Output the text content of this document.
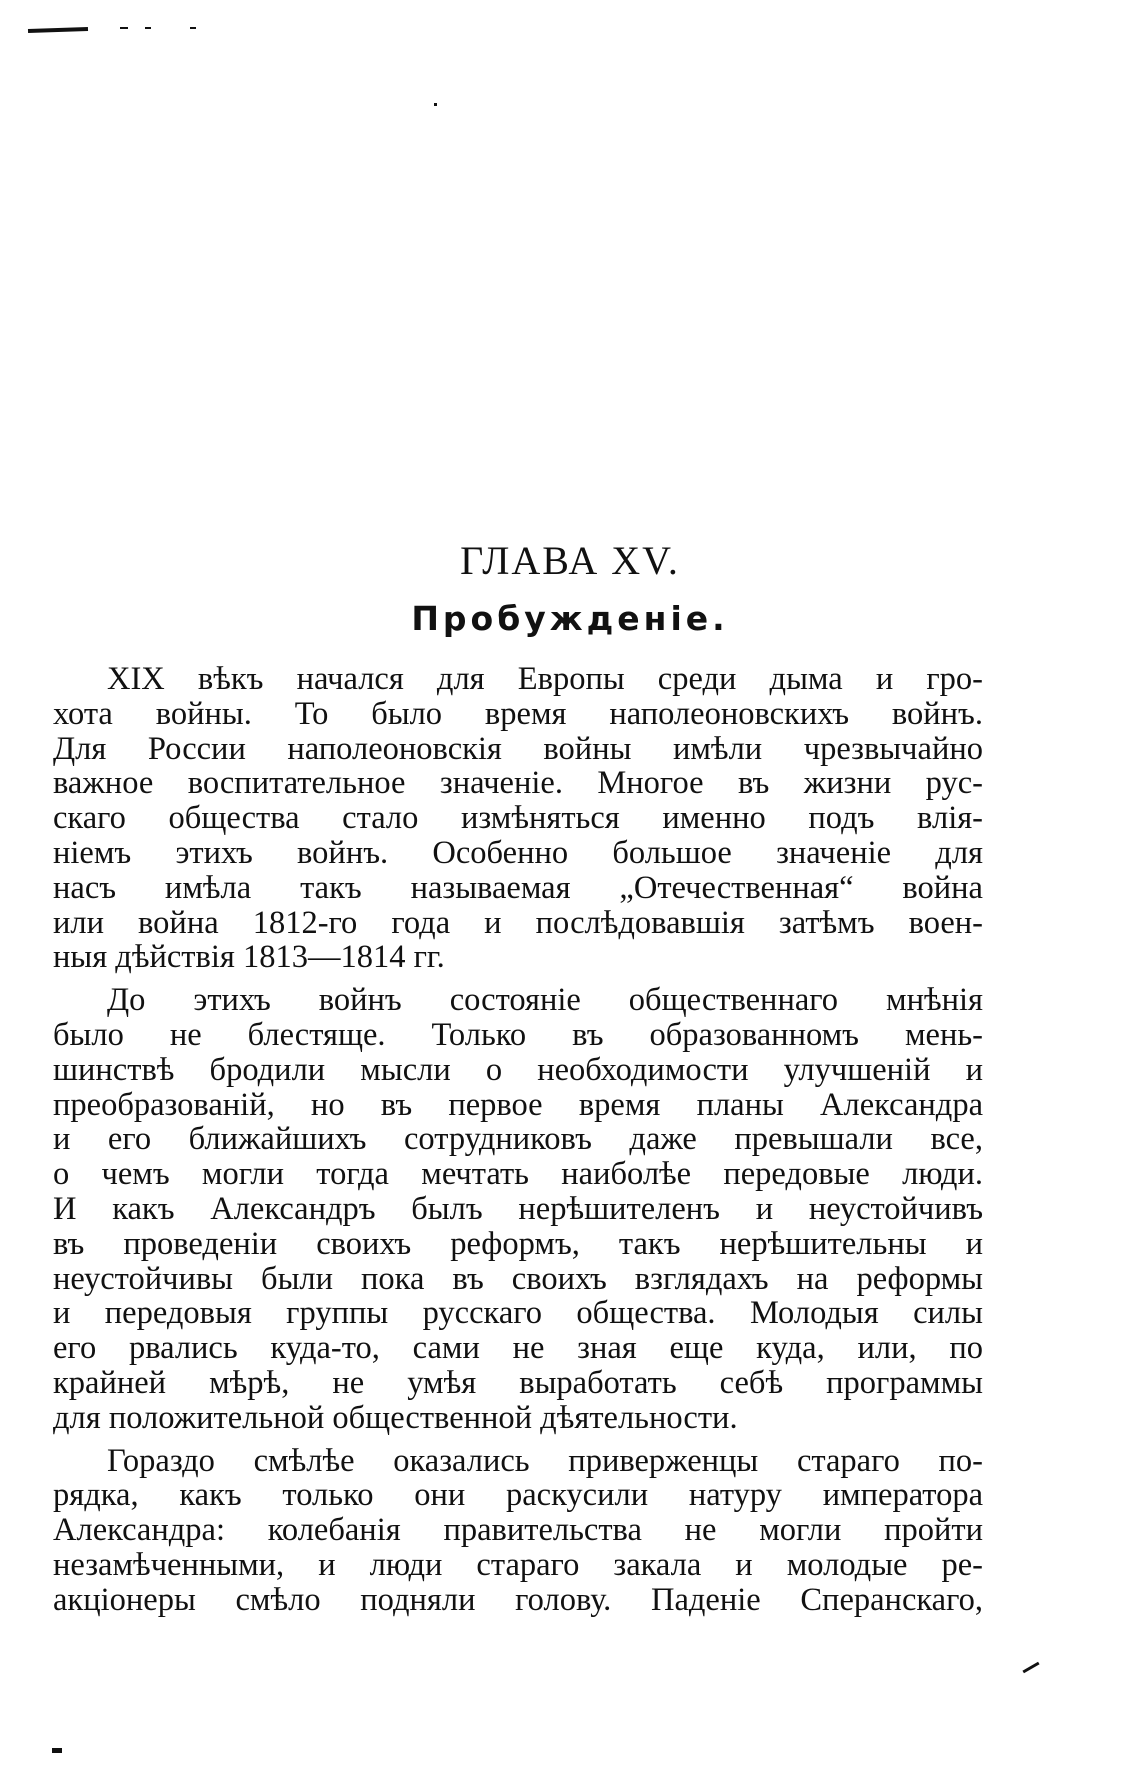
ГЛАВА XV.
Пробужденіе.

XIX вѣкъ начался для Европы среди дыма и гро-
хота войны. То было время наполеоновскихъ войнъ.
Для России наполеоновскія войны имѣли чрезвычайно
важное воспитательное значеніе. Многое въ жизни рус-
скаго общества стало измѣняться именно подъ влія-
ніемъ этихъ войнъ. Особенно большое значеніе для
насъ имѣла такъ называемая „Отечественная“ война
или война 1812-го года и послѣдовавшія затѣмъ воен-
ныя дѣйствія 1813—1814 гг.

До этихъ войнъ состояніе общественнаго мнѣнія
было не блестяще. Только въ образованномъ мень-
шинствѣ бродили мысли о необходимости улучшеній и
преобразованій, но въ первое время планы Александра
и его ближайшихъ сотрудниковъ даже превышали все,
о чемъ могли тогда мечтать наиболѣе передовые люди.
И какъ Александръ былъ нерѣшителенъ и неустойчивъ
въ проведеніи своихъ реформъ, такъ нерѣшительны и
неустойчивы были пока въ своихъ взглядахъ на реформы
и передовыя группы русскаго общества. Молодыя силы
его рвались куда-то, сами не зная еще куда, или, по
крайней мѣрѣ, не умѣя выработать себѣ программы
для положительной общественной дѣятельности.

Гораздо смѣлѣе оказались приверженцы стараго по-
рядка, какъ только они раскусили натуру императора
Александра: колебанія правительства не могли пройти
незамѣченными, и люди стараго закала и молодые ре-
акціонеры смѣло подняли голову. Паденіе Сперанскаго,
